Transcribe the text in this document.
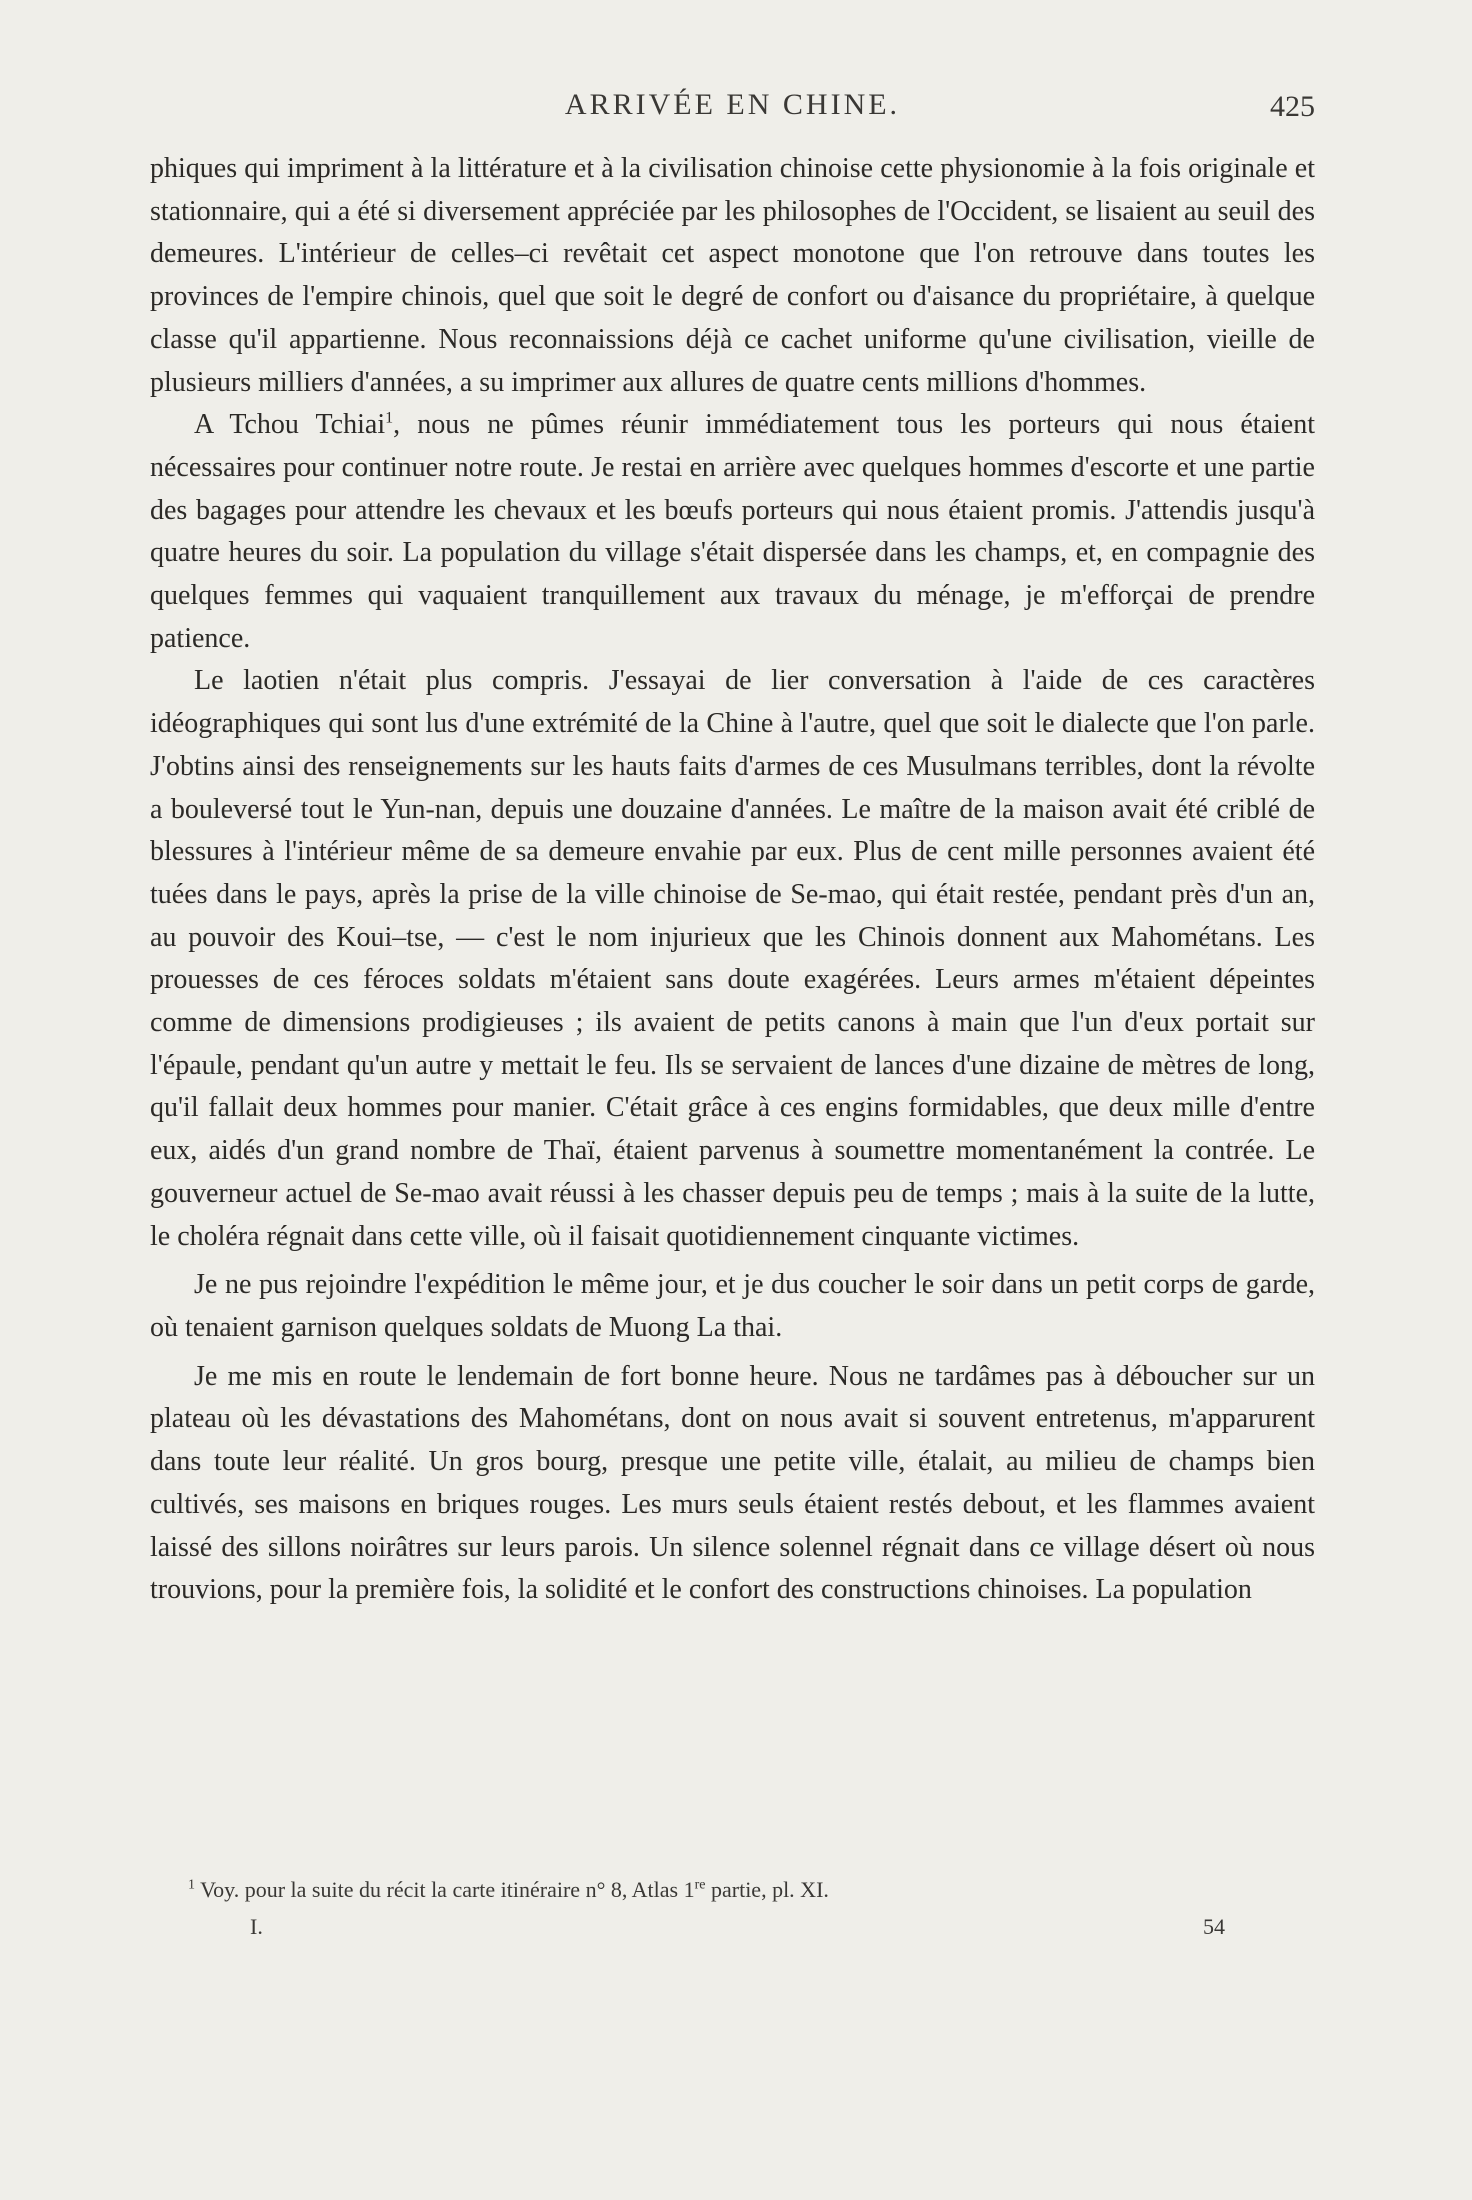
ARRIVÉE EN CHINE.	425

phiques qui impriment à la littérature et à la civilisation chinoise cette physionomie à la fois originale et stationnaire, qui a été si diversement appréciée par les philosophes de l'Occident, se lisaient au seuil des demeures. L'intérieur de celles–ci revêtait cet aspect monotone que l'on retrouve dans toutes les provinces de l'empire chinois, quel que soit le degré de confort ou d'aisance du propriétaire, à quelque classe qu'il appartienne. Nous reconnaissions déjà ce cachet uniforme qu'une civilisation, vieille de plusieurs milliers d'années, a su imprimer aux allures de quatre cents millions d'hommes.

A Tchou Tchiai$^1$, nous ne pûmes réunir immédiatement tous les porteurs qui nous étaient nécessaires pour continuer notre route. Je restai en arrière avec quelques hommes d'escorte et une partie des bagages pour attendre les chevaux et les bœufs porteurs qui nous étaient promis. J'attendis jusqu'à quatre heures du soir. La population du village s'était dispersée dans les champs, et, en compagnie des quelques femmes qui vaquaient tranquillement aux travaux du ménage, je m'efforçai de prendre patience.

Le laotien n'était plus compris. J'essayai de lier conversation à l'aide de ces caractères idéographiques qui sont lus d'une extrémité de la Chine à l'autre, quel que soit le dialecte que l'on parle. J'obtins ainsi des renseignements sur les hauts faits d'armes de ces Musulmans terribles, dont la révolte a bouleversé tout le Yun-nan, depuis une douzaine d'années. Le maître de la maison avait été criblé de blessures à l'intérieur même de sa demeure envahie par eux. Plus de cent mille personnes avaient été tuées dans le pays, après la prise de la ville chinoise de Se-mao, qui était restée, pendant près d'un an, au pouvoir des Koui–tse, — c'est le nom injurieux que les Chinois donnent aux Mahométans. Les prouesses de ces féroces soldats m'étaient sans doute exagérées. Leurs armes m'étaient dépeintes comme de dimensions prodigieuses ; ils avaient de petits canons à main que l'un d'eux portait sur l'épaule, pendant qu'un autre y mettait le feu. Ils se servaient de lances d'une dizaine de mètres de long, qu'il fallait deux hommes pour manier. C'était grâce à ces engins formidables, que deux mille d'entre eux, aidés d'un grand nombre de Thaï, étaient parvenus à soumettre momentanément la contrée. Le gouverneur actuel de Se-mao avait réussi à les chasser depuis peu de temps ; mais à la suite de la lutte, le choléra régnait dans cette ville, où il faisait quotidiennement cinquante victimes.

Je ne pus rejoindre l'expédition le même jour, et je dus coucher le soir dans un petit corps de garde, où tenaient garnison quelques soldats de Muong La thai.

Je me mis en route le lendemain de fort bonne heure. Nous ne tardâmes pas à déboucher sur un plateau où les dévastations des Mahométans, dont on nous avait si souvent entretenus, m'apparurent dans toute leur réalité. Un gros bourg, presque une petite ville, étalait, au milieu de champs bien cultivés, ses maisons en briques rouges. Les murs seuls étaient restés debout, et les flammes avaient laissé des sillons noirâtres sur leurs parois. Un silence solennel régnait dans ce village désert où nous trouvions, pour la première fois, la solidité et le confort des constructions chinoises. La population

$^1$ Voy. pour la suite du récit la carte itinéraire n° 8, Atlas 1re partie, pl. XI.
I.	54
